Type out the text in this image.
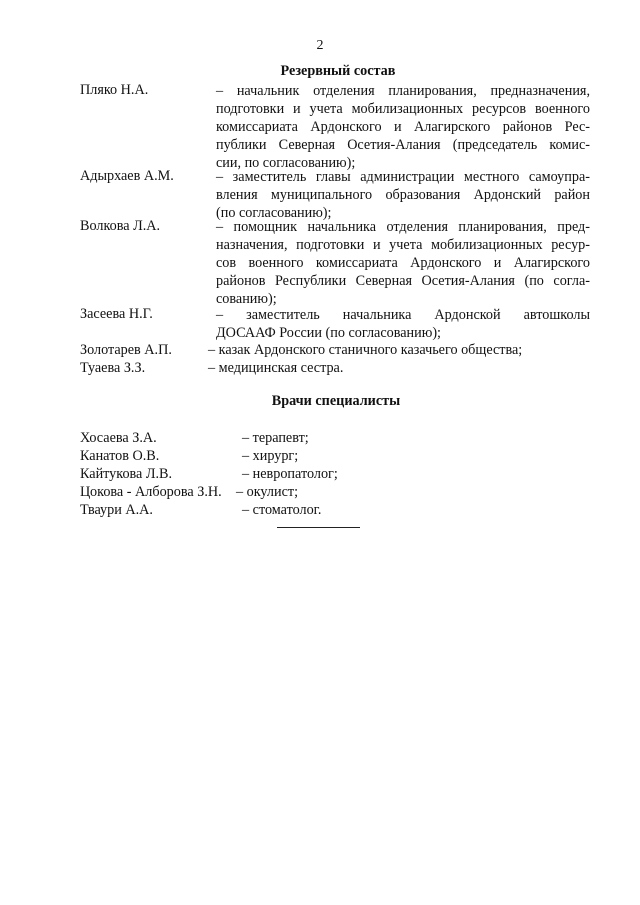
2
Резервный состав
Пляко Н.А.	– начальник отделения планирования, предназначения,
подготовки и учета мобилизационных ресурсов военного
комиссариата Ардонского и Алагирского районов Рес-
публики Северная Осетия-Алания (председатель комис-
сии, по согласованию);
Адырхаев А.М.	– заместитель главы администрации местного самоупра-
вления муниципального образования Ардонский район
(по согласованию);
Волкова Л.А.	– помощник начальника отделения планирования, пред-
назначения, подготовки и учета мобилизационных ресур-
сов военного комиссариата Ардонского и Алагирского
районов Республики Северная Осетия-Алания (по согла-
сованию);
Засеева Н.Г.	– заместитель начальника Ардонской автошколы
ДОСААФ России (по согласованию);
Золотарев А.П.	– казак Ардонского станичного казачьего общества;
Туаева З.З.	– медицинская сестра.
Врачи специалисты
Хосаева З.А.	– терапевт;
Канатов О.В.	– хирург;
Кайтукова Л.В.	– невропатолог;
Цокова - Алборова З.Н. – окулист;
Тваури А.А.	– стоматолог.
